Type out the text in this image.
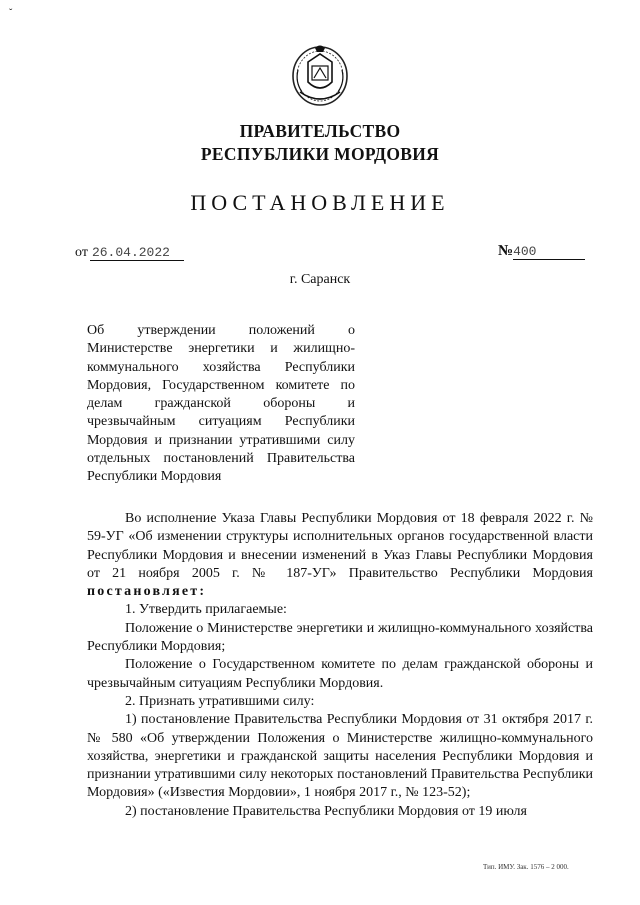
ˇ
ПРАВИТЕЛЬСТВО
РЕСПУБЛИКИ МОРДОВИЯ
ПОСТАНОВЛЕНИЕ
от 26.04.2022	№ 400
г. Саранск
Об утверждении положений о Министерстве энергетики и жилищно-коммунального хозяйства Республики Мордовия, Государственном комитете по делам гражданской обороны и чрезвычайным ситуациям Республики Мордовия и признании утратившими силу отдельных постановлений Правительства Республики Мордовия

Во исполнение Указа Главы Республики Мордовия от 18 февраля 2022 г. № 59-УГ «Об изменении структуры исполнительных органов государственной власти Республики Мордовия и внесении изменений в Указ Главы Республики Мордовия от 21 ноября 2005 г. № 187-УГ» Правительство Республики Мордовия постановляет:

1. Утвердить прилагаемые:

Положение о Министерстве энергетики и жилищно-коммунального хозяйства Республики Мордовия;

Положение о Государственном комитете по делам гражданской обороны и чрезвычайным ситуациям Республики Мордовия.

2. Признать утратившими силу:

1) постановление Правительства Республики Мордовия от 31 октября 2017 г. № 580 «Об утверждении Положения о Министерстве жилищно-коммунального хозяйства, энергетики и гражданской защиты населения Республики Мордовия и признании утратившими силу некоторых постановлений Правительства Республики Мордовия» («Известия Мордовии», 1 ноября 2017 г., № 123-52);

2) постановление Правительства Республики Мордовия от 19 июля

Тип. ИМУ. Зак. 1576 – 2 000.
